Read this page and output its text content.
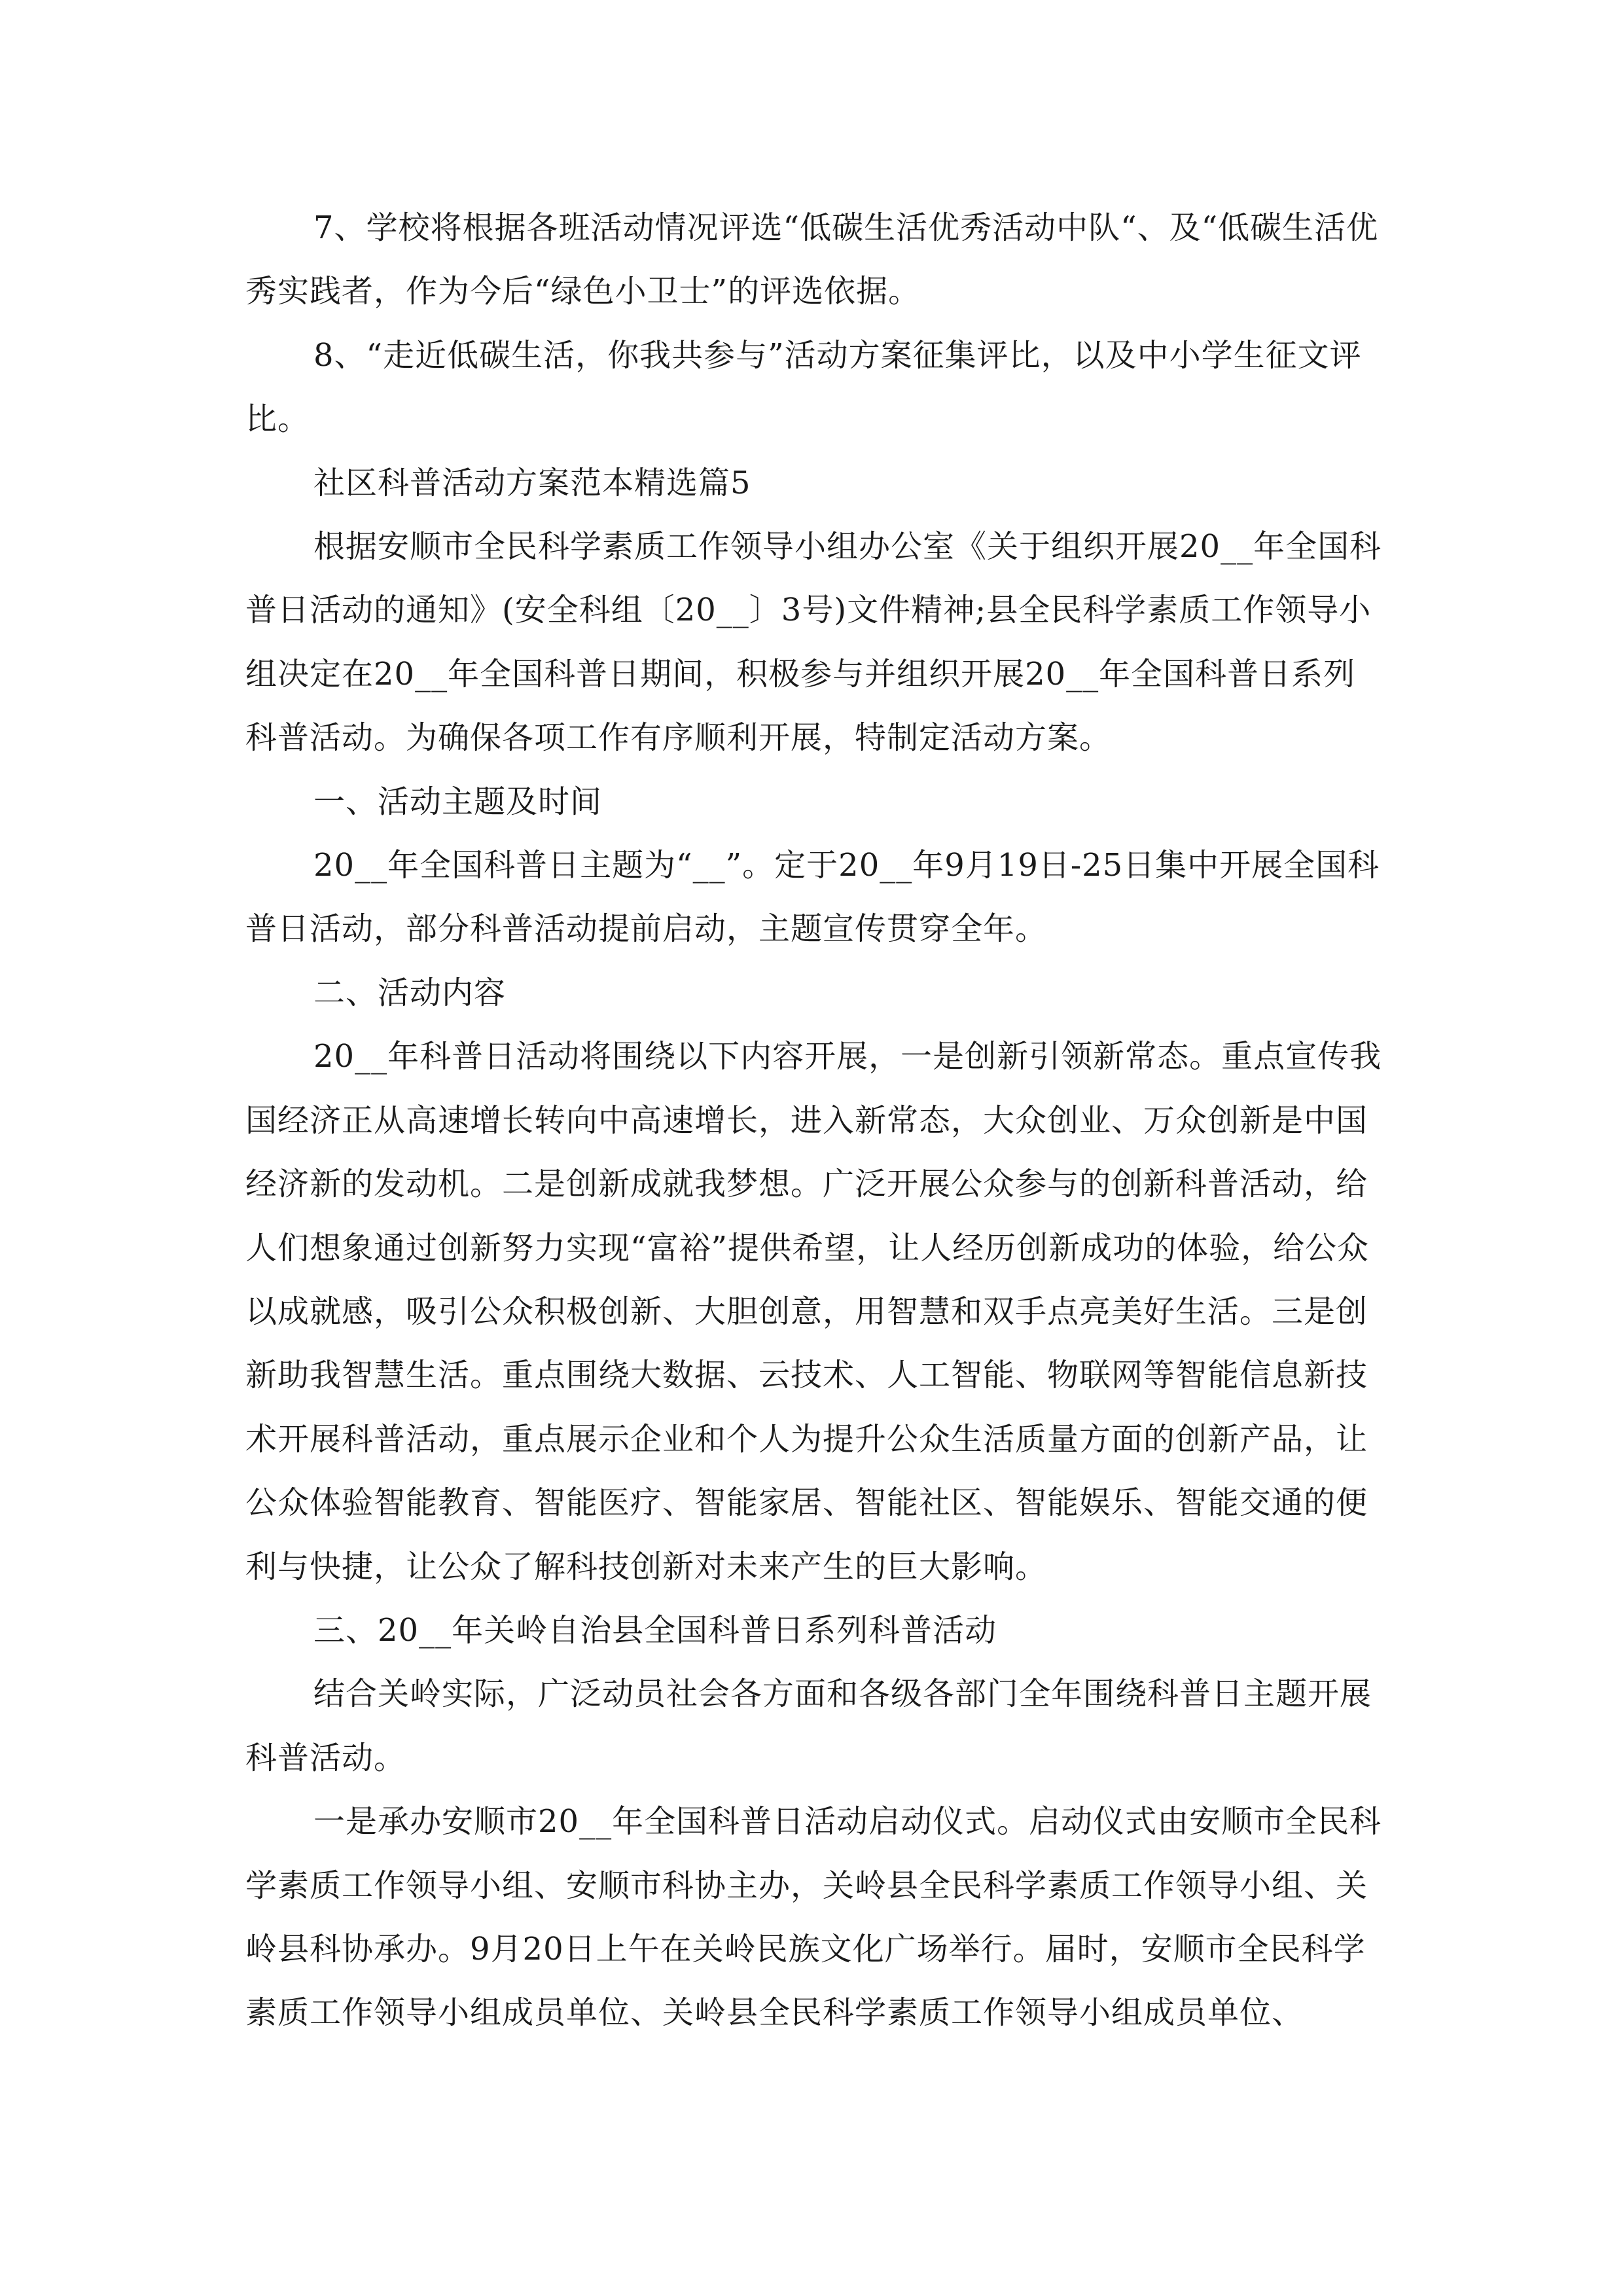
7、学校将根据各班活动情况评选“低碳生活优秀活动中队“、及“低碳生活优秀实践者，作为今后“绿色小卫士”的评选依据。

8、“走近低碳生活，你我共参与”活动方案征集评比，以及中小学生征文评比。

社区科普活动方案范本精选篇5

根据安顺市全民科学素质工作领导小组办公室《关于组织开展20__年全国科普日活动的通知》(安全科组〔20__〕3号)文件精神;县全民科学素质工作领导小组决定在20__年全国科普日期间，积极参与并组织开展20__年全国科普日系列科普活动。为确保各项工作有序顺利开展，特制定活动方案。

一、活动主题及时间

20__年全国科普日主题为“__”。定于20__年9月19日-25日集中开展全国科普日活动，部分科普活动提前启动，主题宣传贯穿全年。

二、活动内容

20__年科普日活动将围绕以下内容开展，一是创新引领新常态。重点宣传我国经济正从高速增长转向中高速增长，进入新常态，大众创业、万众创新是中国经济新的发动机。二是创新成就我梦想。广泛开展公众参与的创新科普活动，给人们想象通过创新努力实现“富裕”提供希望，让人经历创新成功的体验，给公众以成就感，吸引公众积极创新、大胆创意，用智慧和双手点亮美好生活。三是创新助我智慧生活。重点围绕大数据、云技术、人工智能、物联网等智能信息新技术开展科普活动，重点展示企业和个人为提升公众生活质量方面的创新产品，让公众体验智能教育、智能医疗、智能家居、智能社区、智能娱乐、智能交通的便利与快捷，让公众了解科技创新对未来产生的巨大影响。

三、20__年关岭自治县全国科普日系列科普活动

结合关岭实际，广泛动员社会各方面和各级各部门全年围绕科普日主题开展科普活动。

一是承办安顺市20__年全国科普日活动启动仪式。启动仪式由安顺市全民科学素质工作领导小组、安顺市科协主办，关岭县全民科学素质工作领导小组、关岭县科协承办。9月20日上午在关岭民族文化广场举行。届时，安顺市全民科学素质工作领导小组成员单位、关岭县全民科学素质工作领导小组成员单位、
